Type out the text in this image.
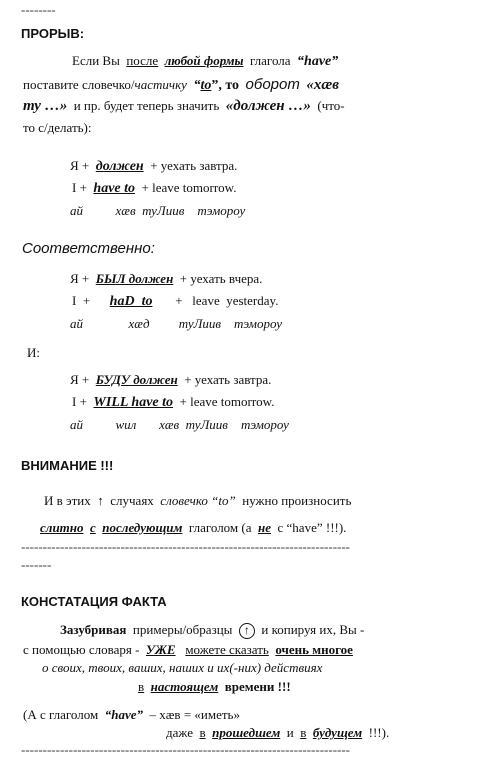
--------
ПРОРЫВ:
Если Вы после любой формы глагола “have”
поставите словечко/частичку “to”, то оборот «хæв
ту …» и пр. будет теперь значить «должен …» (что-
то с/делать):
Я + должен + уехать завтра.
I + have to + leave tomorrow.
ай          хæв  туЛиив    тэмороу
Соответственно:
Я + БЫЛ должен + уехать вчера.
I  + haD  to +   leave  yesterday.
ай              хæд         туЛиив    тэмороу
И:
Я + БУДУ должен + уехать завтра.
I + WILL have to + leave tomorrow.
ай          wил       хæв  туЛиив    тэмороу
ВНИМАНИЕ !!!
И в этих ↑ случаях словечко “to” нужно произносить
слитно с последующим глаголом (а не с “have” !!!).
----------------------------------------------------------------------------
-------
КОНСТАТАЦИЯ ФАКТА
Зазубривая примеры/образцы ↑ и копируя их, Вы -
с помощью словаря - УЖЕ можете сказать очень многое
о своих, твоих, ваших, наших и их(-них) действиях
в настоящем времени !!!
(А с глаголом “have” – хæв = «иметь»
даже в прошедшем и в будущем !!!).
----------------------------------------------------------------------------
